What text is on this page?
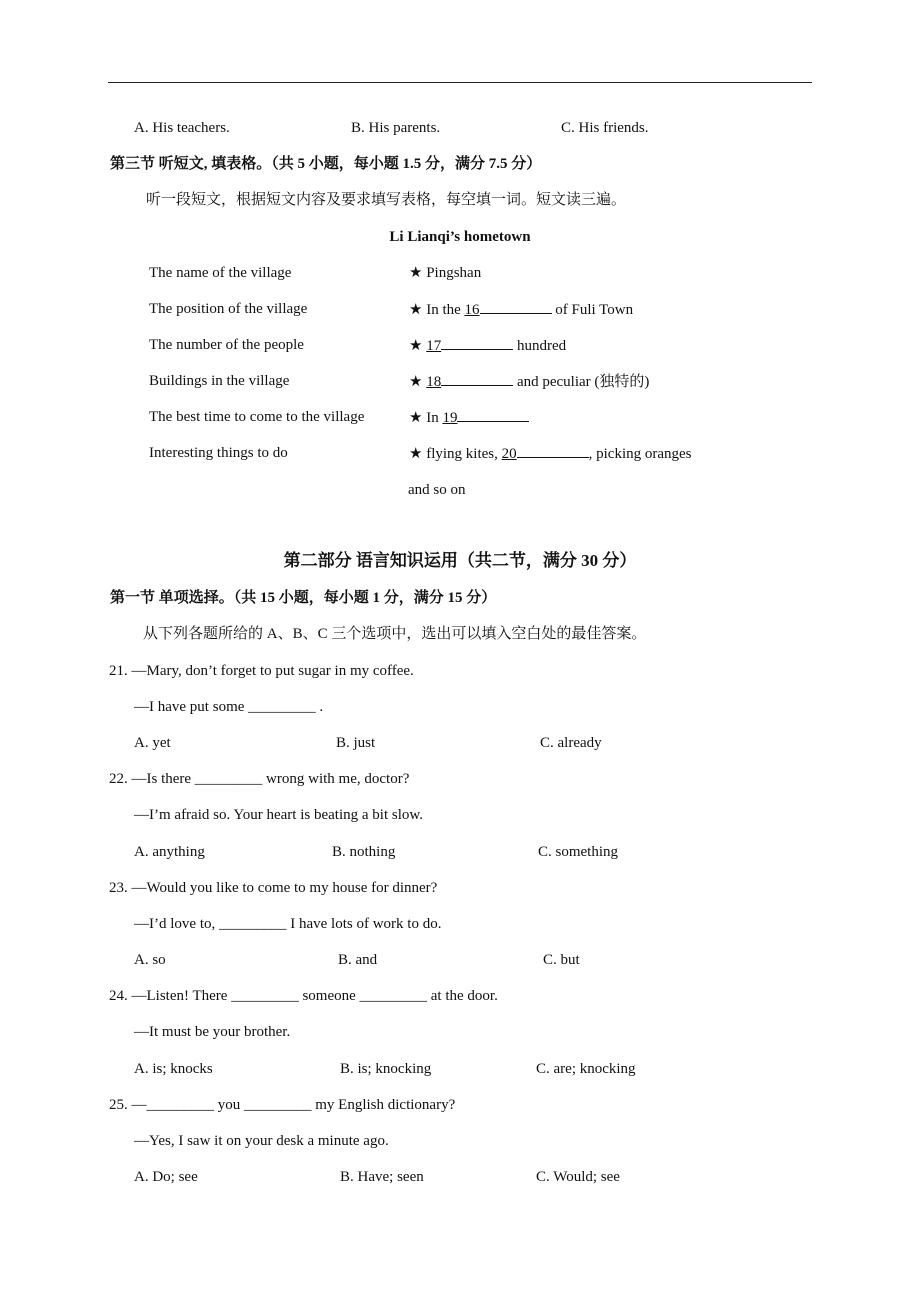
A. His teachers.	B. His parents.	C. His friends.
第三节 听短文, 填表格。（共 5 小题，每小题 1.5 分，满分 7.5 分）
听一段短文，根据短文内容及要求填写表格，每空填一词。短文读三遍。
Li Lianqi’s hometown
The name of the village	★ Pingshan
The position of the village	★ In the 16	of Fuli Town
The number of the people	★ 17	hundred
Buildings in the village	★ 18	and peculiar (独特的)
The best time to come to the village	★ In 19
Interesting things to do	★ flying kites, 20	, picking oranges
and so on
第二部分 语言知识运用（共二节，满分 30 分）
第一节 单项选择。（共 15 小题，每小题 1 分，满分 15 分）
从下列各题所给的 A、B、C 三个选项中，选出可以填入空白处的最佳答案。
21. —Mary, don’t forget to put sugar in my coffee.
—I have put some _________ .
A. yet	B. just	C. already
22. —Is there _________ wrong with me, doctor?
—I’m afraid so. Your heart is beating a bit slow.
A. anything	B. nothing	C. something
23. —Would you like to come to my house for dinner?
—I’d love to, _________ I have lots of work to do.
A. so	B. and	C. but
24. —Listen! There _________ someone _________ at the door.
—It must be your brother.
A. is; knocks	B. is; knocking	C. are; knocking
25. —_________ you _________ my English dictionary?
—Yes, I saw it on your desk a minute ago.
A. Do; see	B. Have; seen	C. Would; see
